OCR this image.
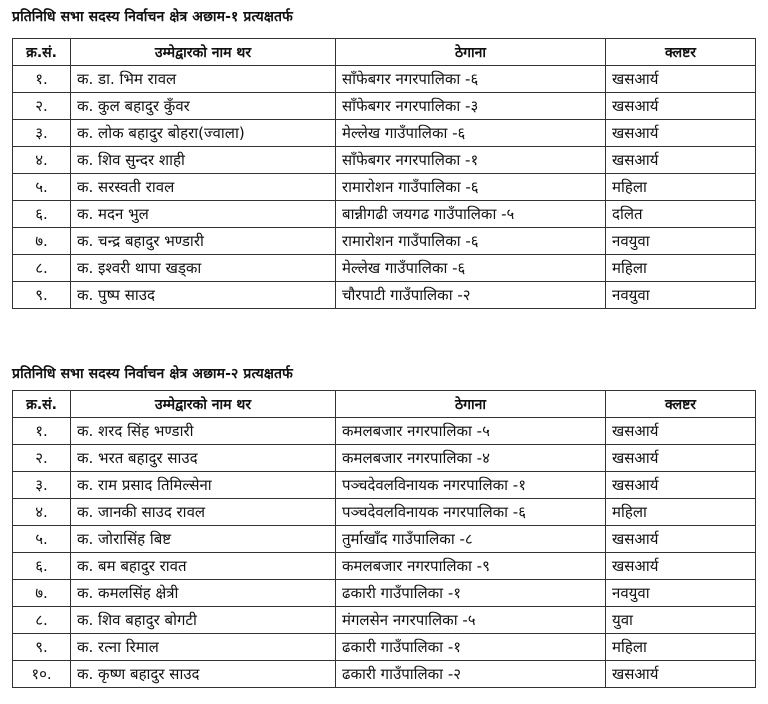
प्रतिनिधि सभा सदस्य निर्वाचन क्षेत्र अछाम-१ प्रत्यक्षतर्फ
क्र.सं.	उम्मेद्वारको नाम थर	ठेगाना	क्लष्टर
१.	क. डा. भिम रावल	साँफेबगर नगरपालिका -६	खसआर्य
२.	क. कुल बहादुर कुँवर	साँफेबगर नगरपालिका -३	खसआर्य
३.	क. लोक बहादुर बोहरा(ज्वाला)	मेल्लेख गाउँपालिका -६	खसआर्य
४.	क. शिव सुन्दर शाही	साँफेबगर नगरपालिका -१	खसआर्य
५.	क. सरस्वती रावल	रामारोशन गाउँपालिका -६	महिला
६.	क. मदन भुल	बान्नीगढी जयगढ गाउँपालिका -५	दलित
७.	क. चन्द्र बहादुर भण्डारी	रामारोशन गाउँपालिका -६	नवयुवा
८.	क. इश्वरी थापा खड्का	मेल्लेख गाउँपालिका -६	महिला
९.	क. पुष्प साउद	चौरपाटी गाउँपालिका -२	नवयुवा
प्रतिनिधि सभा सदस्य निर्वाचन क्षेत्र अछाम-२ प्रत्यक्षतर्फ
क्र.सं.	उम्मेद्वारको नाम थर	ठेगाना	क्लष्टर
१.	क. शरद सिंह भण्डारी	कमलबजार नगरपालिका -५	खसआर्य
२.	क. भरत बहादुर साउद	कमलबजार नगरपालिका -४	खसआर्य
३.	क. राम प्रसाद तिमिल्सेना	पञ्चदेवलविनायक नगरपालिका -१	खसआर्य
४.	क. जानकी साउद रावल	पञ्चदेवलविनायक नगरपालिका -६	महिला
५.	क. जोरासिंह बिष्ट	तुर्माखाँद गाउँपालिका -८	खसआर्य
६.	क. बम बहादुर रावत	कमलबजार नगरपालिका -९	खसआर्य
७.	क. कमलसिंह क्षेत्री	ढकारी गाउँपालिका -१	नवयुवा
८.	क. शिव बहादुर बोगटी	मंगलसेन नगरपालिका -५	युवा
९.	क. रत्ना रिमाल	ढकारी गाउँपालिका -१	महिला
१०.	क. कृष्ण बहादुर साउद	ढकारी गाउँपालिका -२	खसआर्य
